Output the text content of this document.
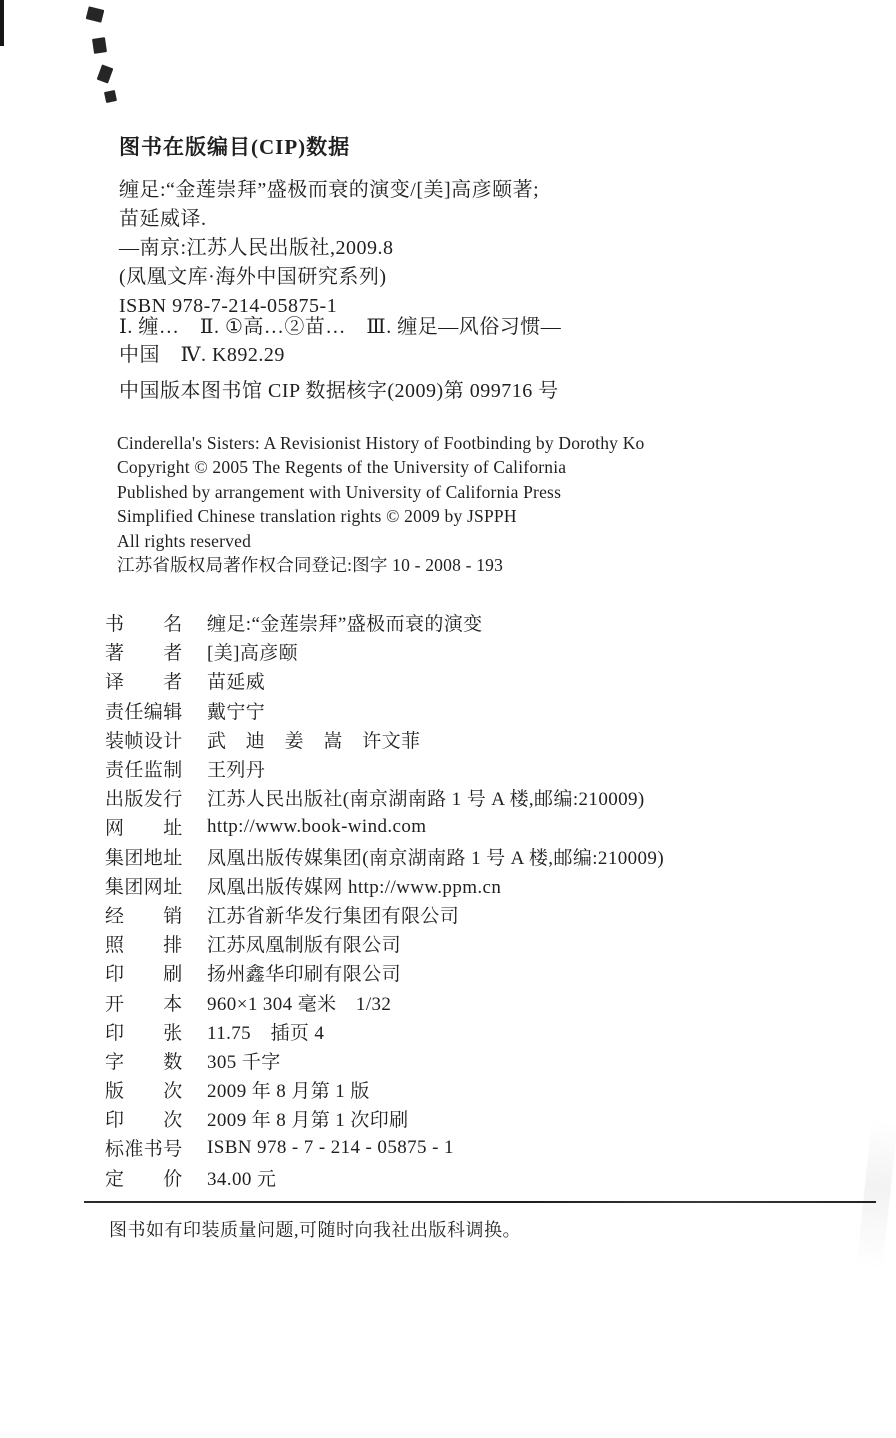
图书在版编目(CIP)数据
缠足:“金莲崇拜”盛极而衰的演变/[美]高彦颐著;
苗延威译.
—南京:江苏人民出版社,2009.8
(凤凰文库·海外中国研究系列)
ISBN 978-7-214-05875-1
Ⅰ. 缠…　Ⅱ. ①高…②苗…　Ⅲ. 缠足—风俗习惯—
中国　Ⅳ. K892.29
中国版本图书馆 CIP 数据核字(2009)第 099716 号
Cinderella's Sisters: A Revisionist History of Footbinding by Dorothy Ko
Copyright © 2005 The Regents of the University of California
Published by arrangement with University of California Press
Simplified Chinese translation rights © 2009 by JSPPH
All rights reserved
江苏省版权局著作权合同登记:图字 10 - 2008 - 193
书　　名	缠足:“金莲崇拜”盛极而衰的演变
著　　者	[美]高彦颐
译　　者	苗延威
责任编辑	戴宁宁
装帧设计	武　迪　姜　嵩　许文菲
责任监制	王列丹
出版发行	江苏人民出版社(南京湖南路 1 号 A 楼,邮编:210009)
网　　址	http://www.book-wind.com
集团地址	凤凰出版传媒集团(南京湖南路 1 号 A 楼,邮编:210009)
集团网址	凤凰出版传媒网 http://www.ppm.cn
经　　销	江苏省新华发行集团有限公司
照　　排	江苏凤凰制版有限公司
印　　刷	扬州鑫华印刷有限公司
开　　本	960×1 304 毫米　1/32
印　　张	11.75　插页 4
字　　数	305 千字
版　　次	2009 年 8 月第 1 版
印　　次	2009 年 8 月第 1 次印刷
标准书号	ISBN 978 - 7 - 214 - 05875 - 1
定　　价	34.00 元
图书如有印装质量问题,可随时向我社出版科调换。
